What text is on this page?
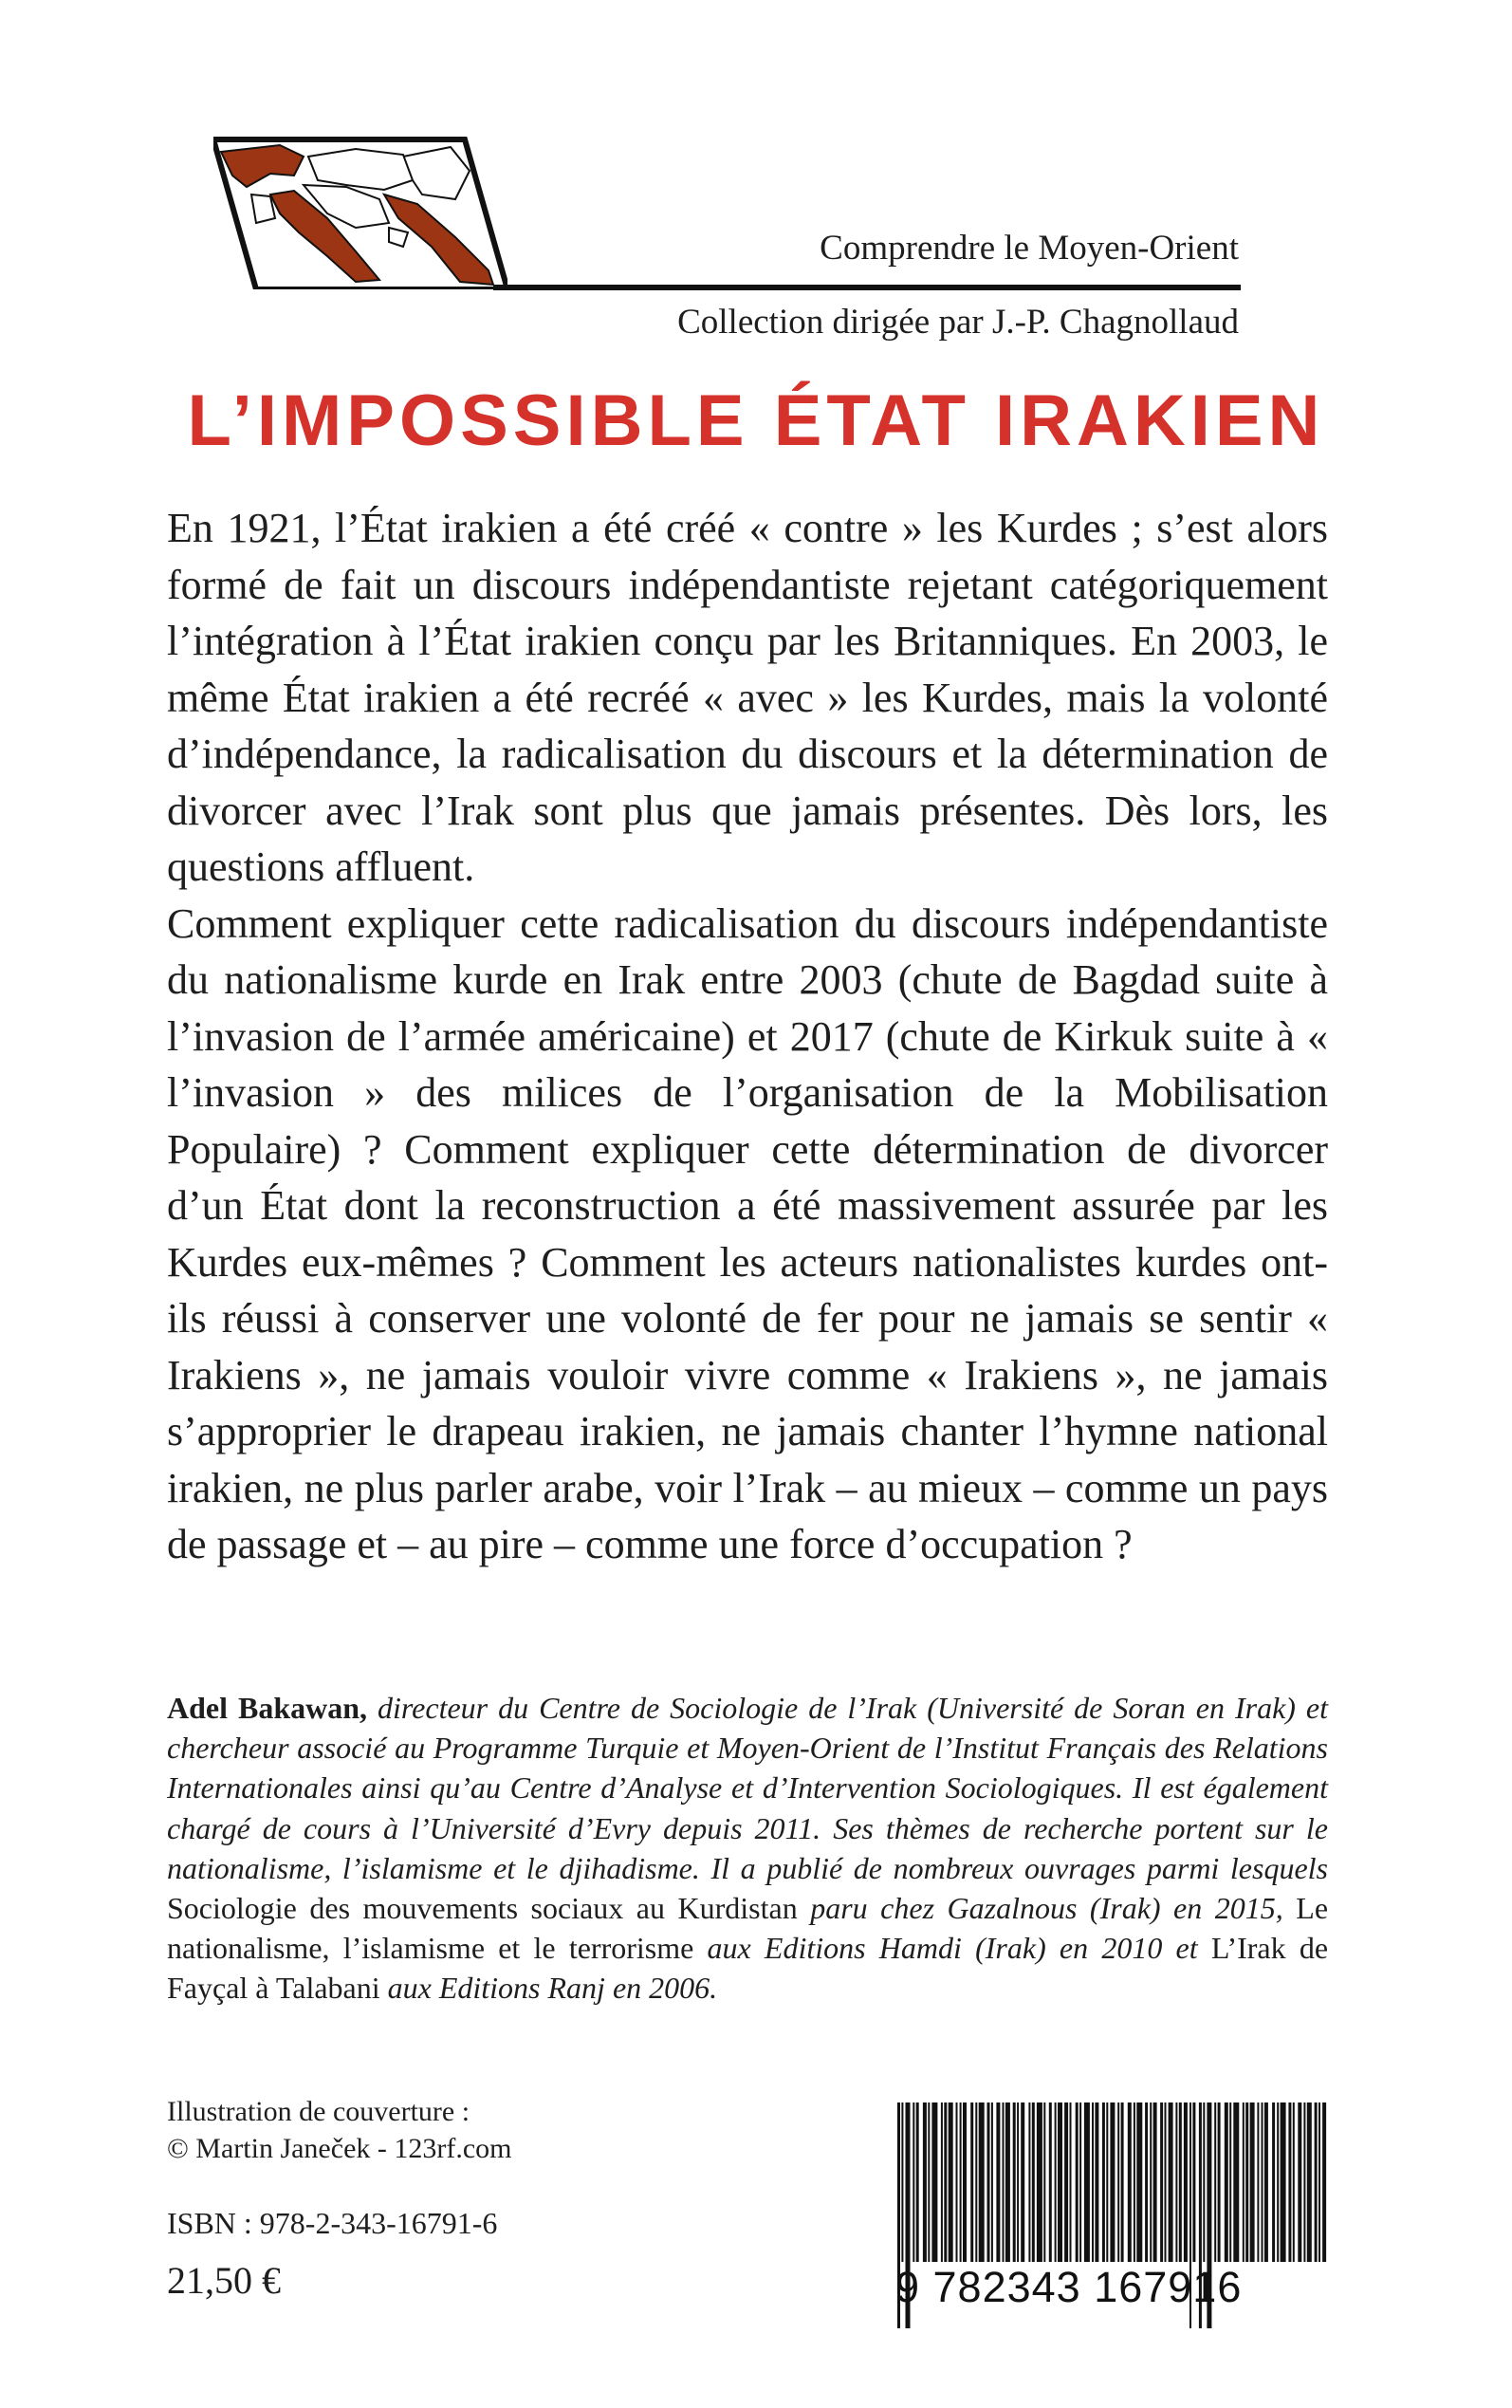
Comprendre le Moyen-Orient

Collection dirigée par J.-P. Chagnollaud

L’IMPOSSIBLE ÉTAT IRAKIEN

En 1921, l’État irakien a été créé « contre » les Kurdes ; s’est alors formé de fait un discours indépendantiste rejetant catégoriquement l’intégration à l’État irakien conçu par les Britanniques. En 2003, le même État irakien a été recréé « avec » les Kurdes, mais la volonté d’indépendance, la radicalisation du discours et la détermination de divorcer avec l’Irak sont plus que jamais présentes. Dès lors, les questions affluent.

Comment expliquer cette radicalisation du discours indépendantiste du nationalisme kurde en Irak entre 2003 (chute de Bagdad suite à l’invasion de l’armée américaine) et 2017 (chute de Kirkuk suite à « l’invasion » des milices de l’organisation de la Mobilisation Populaire) ? Comment expliquer cette détermination de divorcer d’un État dont la reconstruction a été massivement assurée par les Kurdes eux-mêmes ? Comment les acteurs nationalistes kurdes ont-ils réussi à conserver une volonté de fer pour ne jamais se sentir « Irakiens », ne jamais vouloir vivre comme « Irakiens », ne jamais s’approprier le drapeau irakien, ne jamais chanter l’hymne national irakien, ne plus parler arabe, voir l’Irak – au mieux – comme un pays de passage et – au pire – comme une force d’occupation ?

Adel Bakawan, directeur du Centre de Sociologie de l’Irak (Université de Soran en Irak) et chercheur associé au Programme Turquie et Moyen-Orient de l’Institut Français des Relations Internationales ainsi qu’au Centre d’Analyse et d’Intervention Sociologiques. Il est également chargé de cours à l’Université d’Evry depuis 2011. Ses thèmes de recherche portent sur le nationalisme, l’islamisme et le djihadisme. Il a publié de nombreux ouvrages parmi lesquels Sociologie des mouvements sociaux au Kurdistan paru chez Gazalnous (Irak) en 2015, Le nationalisme, l’islamisme et le terrorisme aux Editions Hamdi (Irak) en 2010 et L’Irak de Fayçal à Talabani aux Editions Ranj en 2006.

Illustration de couverture :
© Martin Janeček - 123rf.com

ISBN : 978-2-343-16791-6

21,50 €	9 782343 167916
